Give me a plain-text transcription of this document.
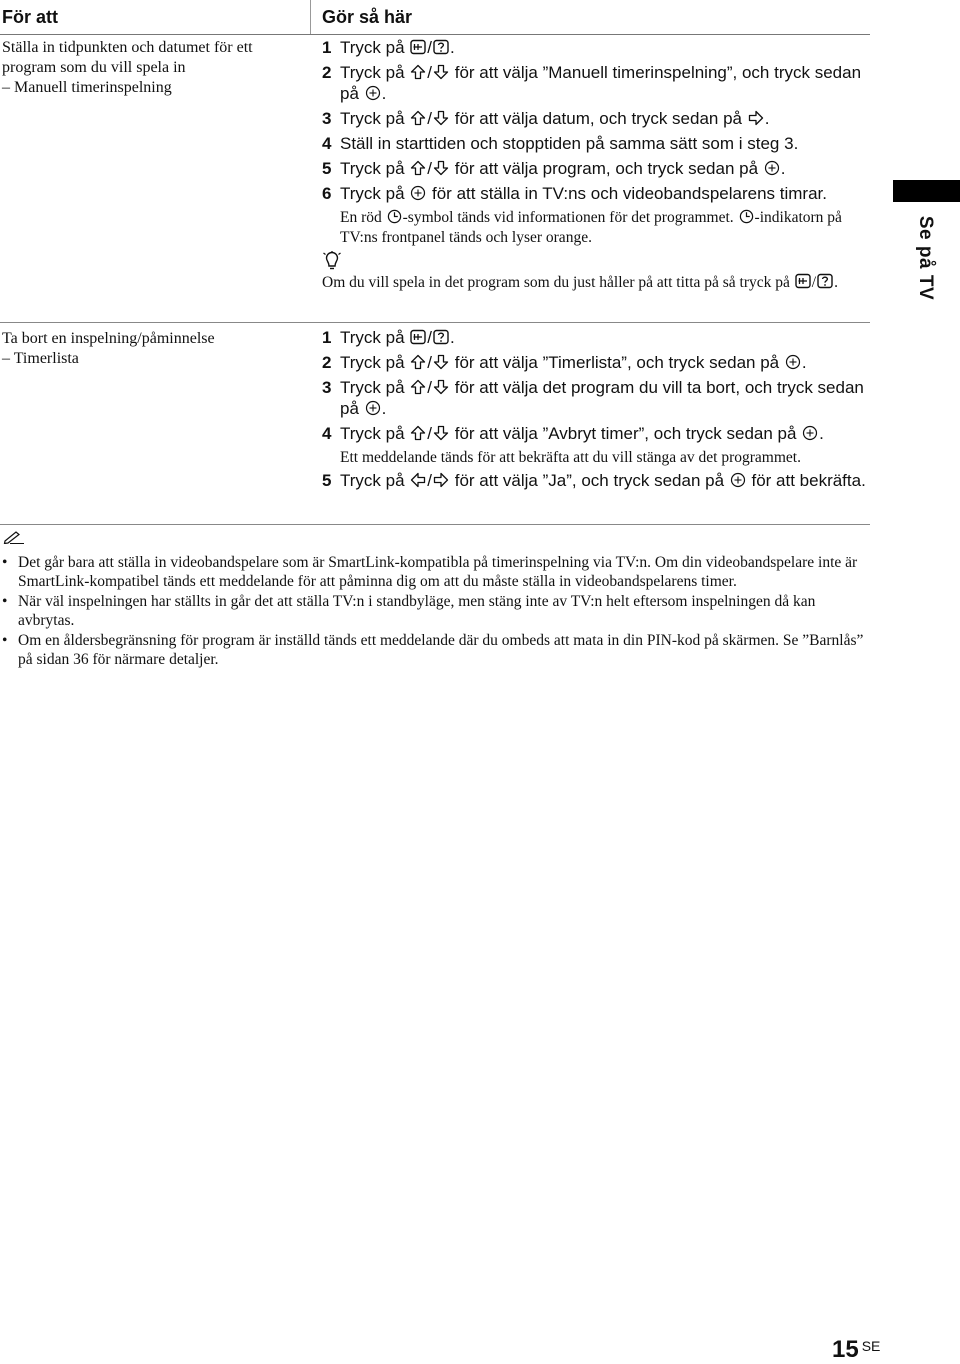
För att	Gör så här
Ställa in tidpunkten och datumet för ett
program som du vill spela in
– Manuell timerinspelning
1 Tryck på / .
2 Tryck på / för att välja ”Manuell timerinspelning”, och tryck sedan på .
3 Tryck på / för att välja datum, och tryck sedan på .
4 Ställ in starttiden och stopptiden på samma sätt som i steg 3.
5 Tryck på / för att välja program, och tryck sedan på .
6 Tryck på  för att ställa in TV:ns och videobandspelarens timrar.
En röd -symbol tänds vid informationen för det programmet. -indikatorn på TV:ns frontpanel tänds och lyser orange.
Om du vill spela in det program som du just håller på att titta på så tryck på / .
Ta bort en inspelning/påminnelse
– Timerlista
1 Tryck på / .
2 Tryck på / för att välja ”Timerlista”, och tryck sedan på .
3 Tryck på / för att välja det program du vill ta bort, och tryck sedan på .
4 Tryck på / för att välja ”Avbryt timer”, och tryck sedan på .
Ett meddelande tänds för att bekräfta att du vill stänga av det programmet.
5 Tryck på / för att välja ”Ja”, och tryck sedan på  för att bekräfta.
• Det går bara att ställa in videobandspelare som är SmartLink-kompatibla på timerinspelning via TV:n. Om din videobandspelare inte är SmartLink-kompatibel tänds ett meddelande för att påminna dig om att du måste ställa in videobandspelarens timer.
• När väl inspelningen har ställts in går det att ställa TV:n i standbyläge, men stäng inte av TV:n helt eftersom inspelningen då kan avbrytas.
• Om en åldersbegränsning för program är inställd tänds ett meddelande där du ombeds att mata in din PIN-kod på skärmen. Se ”Barnlås” på sidan 36 för närmare detaljer.
Se på TV
15 SE
